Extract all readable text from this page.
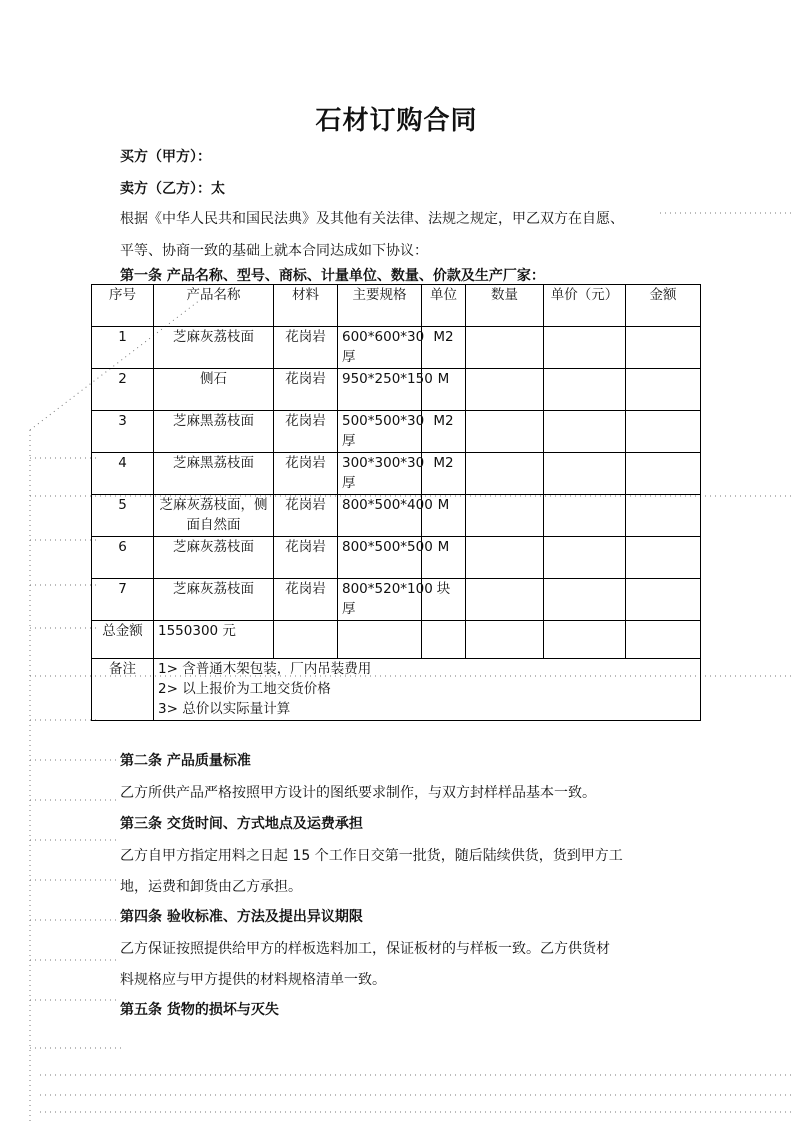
石材订购合同
买方（甲方）：
卖方（乙方）：太
根据《中华人民共和国民法典》及其他有关法律、法规之规定，甲乙双方在自愿、
平等、协商一致的基础上就本合同达成如下协议：
第一条 产品名称、型号、商标、计量单位、数量、价款及生产厂家：
序号	产品名称	材料	主要规格	单位	数量	单价（元）	金额
1	芝麻灰荔枝面	花岗岩	600*600*30厚	M2			
2	侧石	花岗岩	950*250*150	M			
3	芝麻黑荔枝面	花岗岩	500*500*30厚	M2			
4	芝麻黑荔枝面	花岗岩	300*300*30厚	M2			
5	芝麻灰荔枝面，侧面自然面	花岗岩	800*500*400	M			
6	芝麻灰荔枝面	花岗岩	800*500*500	M			
7	芝麻灰荔枝面	花岗岩	800*520*100厚	块			
总金额	1550300 元						
备注	1> 含普通木架包装，厂内吊装费用
2> 以上报价为工地交货价格
3> 总价以实际量计算						
第二条 产品质量标准
乙方所供产品严格按照甲方设计的图纸要求制作，与双方封样样品基本一致。
第三条 交货时间、方式地点及运费承担
乙方自甲方指定用料之日起 15 个工作日交第一批货，随后陆续供货，货到甲方工
地，运费和卸货由乙方承担。
第四条 验收标准、方法及提出异议期限
乙方保证按照提供给甲方的样板选料加工，保证板材的与样板一致。乙方供货材
料规格应与甲方提供的材料规格清单一致。
第五条 货物的损坏与灭失
